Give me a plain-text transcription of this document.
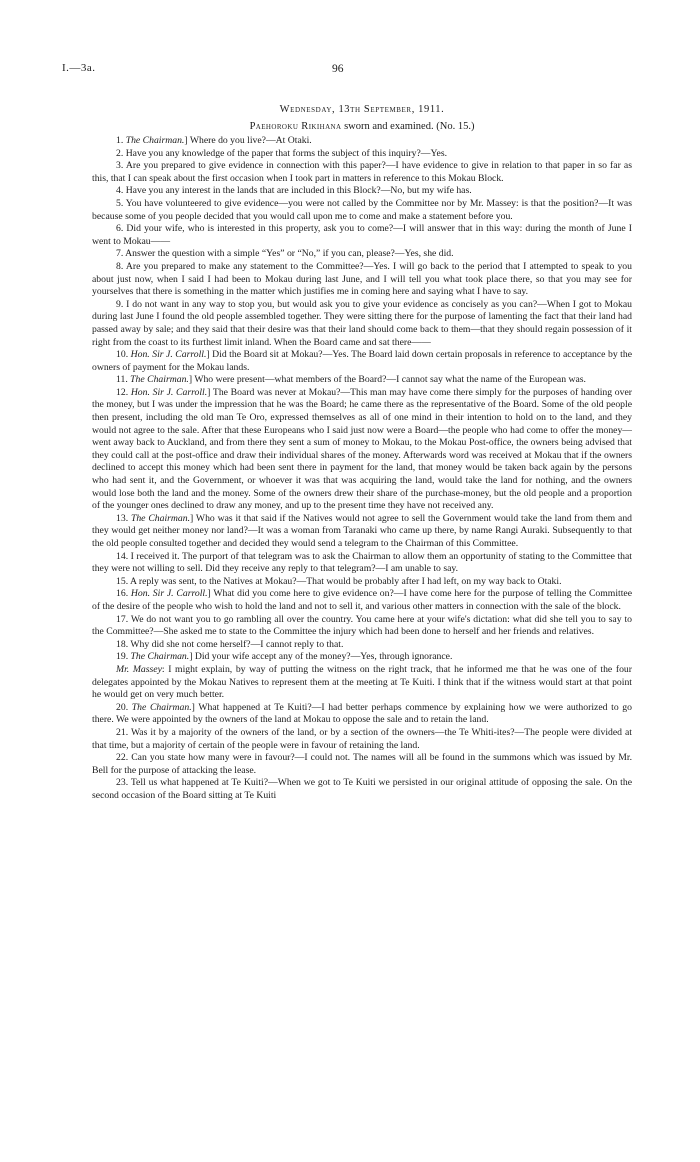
I.—3a.	96

Wednesday, 13th September, 1911.

Paehoroku Rikihana sworn and examined. (No. 15.)

1. The Chairman.] Where do you live?—At Otaki.

2. Have you any knowledge of the paper that forms the subject of this inquiry?—Yes.

3. Are you prepared to give evidence in connection with this paper?—I have evidence to give in relation to that paper in so far as this, that I can speak about the first occasion when I took part in matters in reference to this Mokau Block.

4. Have you any interest in the lands that are included in this Block?—No, but my wife has.

5. You have volunteered to give evidence—you were not called by the Committee nor by Mr. Massey: is that the position?—It was because some of you people decided that you would call upon me to come and make a statement before you.

6. Did your wife, who is interested in this property, ask you to come?—I will answer that in this way: during the month of June I went to Mokau——

7. Answer the question with a simple “Yes” or “No,” if you can, please?—Yes, she did.

8. Are you prepared to make any statement to the Committee?—Yes. I will go back to the period that I attempted to speak to you about just now, when I said I had been to Mokau during last June, and I will tell you what took place there, so that you may see for yourselves that there is something in the matter which justifies me in coming here and saying what I have to say.

9. I do not want in any way to stop you, but would ask you to give your evidence as concisely as you can?—When I got to Mokau during last June I found the old people assembled together. They were sitting there for the purpose of lamenting the fact that their land had passed away by sale; and they said that their desire was that their land should come back to them—that they should regain possession of it right from the coast to its furthest limit inland. When the Board came and sat there——

10. Hon. Sir J. Carroll.] Did the Board sit at Mokau?—Yes. The Board laid down certain proposals in reference to acceptance by the owners of payment for the Mokau lands.

11. The Chairman.] Who were present—what members of the Board?—I cannot say what the name of the European was.

12. Hon. Sir J. Carroll.] The Board was never at Mokau?—This man may have come there simply for the purposes of handing over the money, but I was under the impression that he was the Board; he came there as the representative of the Board. Some of the old people then present, including the old man Te Oro, expressed themselves as all of one mind in their intention to hold on to the land, and they would not agree to the sale. After that these Europeans who I said just now were a Board—the people who had come to offer the money—went away back to Auckland, and from there they sent a sum of money to Mokau, to the Mokau Post-office, the owners being advised that they could call at the post-office and draw their individual shares of the money. Afterwards word was received at Mokau that if the owners declined to accept this money which had been sent there in payment for the land, that money would be taken back again by the persons who had sent it, and the Government, or whoever it was that was acquiring the land, would take the land for nothing, and the owners would lose both the land and the money. Some of the owners drew their share of the purchase-money, but the old people and a proportion of the younger ones declined to draw any money, and up to the present time they have not received any.

13. The Chairman.] Who was it that said if the Natives would not agree to sell the Government would take the land from them and they would get neither money nor land?—It was a woman from Taranaki who came up there, by name Rangi Auraki. Subsequently to that the old people consulted together and decided they would send a telegram to the Chairman of this Committee.

14. I received it. The purport of that telegram was to ask the Chairman to allow them an opportunity of stating to the Committee that they were not willing to sell. Did they receive any reply to that telegram?—I am unable to say.

15. A reply was sent, to the Natives at Mokau?—That would be probably after I had left, on my way back to Otaki.

16. Hon. Sir J. Carroll.] What did you come here to give evidence on?—I have come here for the purpose of telling the Committee of the desire of the people who wish to hold the land and not to sell it, and various other matters in connection with the sale of the block.

17. We do not want you to go rambling all over the country. You came here at your wife's dictation: what did she tell you to say to the Committee?—She asked me to state to the Committee the injury which had been done to herself and her friends and relatives.

18. Why did she not come herself?—I cannot reply to that.

19. The Chairman.] Did your wife accept any of the money?—Yes, through ignorance.

Mr. Massey: I might explain, by way of putting the witness on the right track, that he informed me that he was one of the four delegates appointed by the Mokau Natives to represent them at the meeting at Te Kuiti. I think that if the witness would start at that point he would get on very much better.

20. The Chairman.] What happened at Te Kuiti?—I had better perhaps commence by explaining how we were authorized to go there. We were appointed by the owners of the land at Mokau to oppose the sale and to retain the land.

21. Was it by a majority of the owners of the land, or by a section of the owners—the Te Whiti-ites?—The people were divided at that time, but a majority of certain of the people were in favour of retaining the land.

22. Can you state how many were in favour?—I could not. The names will all be found in the summons which was issued by Mr. Bell for the purpose of attacking the lease.

23. Tell us what happened at Te Kuiti?—When we got to Te Kuiti we persisted in our original attitude of opposing the sale. On the second occasion of the Board sitting at Te Kuiti
